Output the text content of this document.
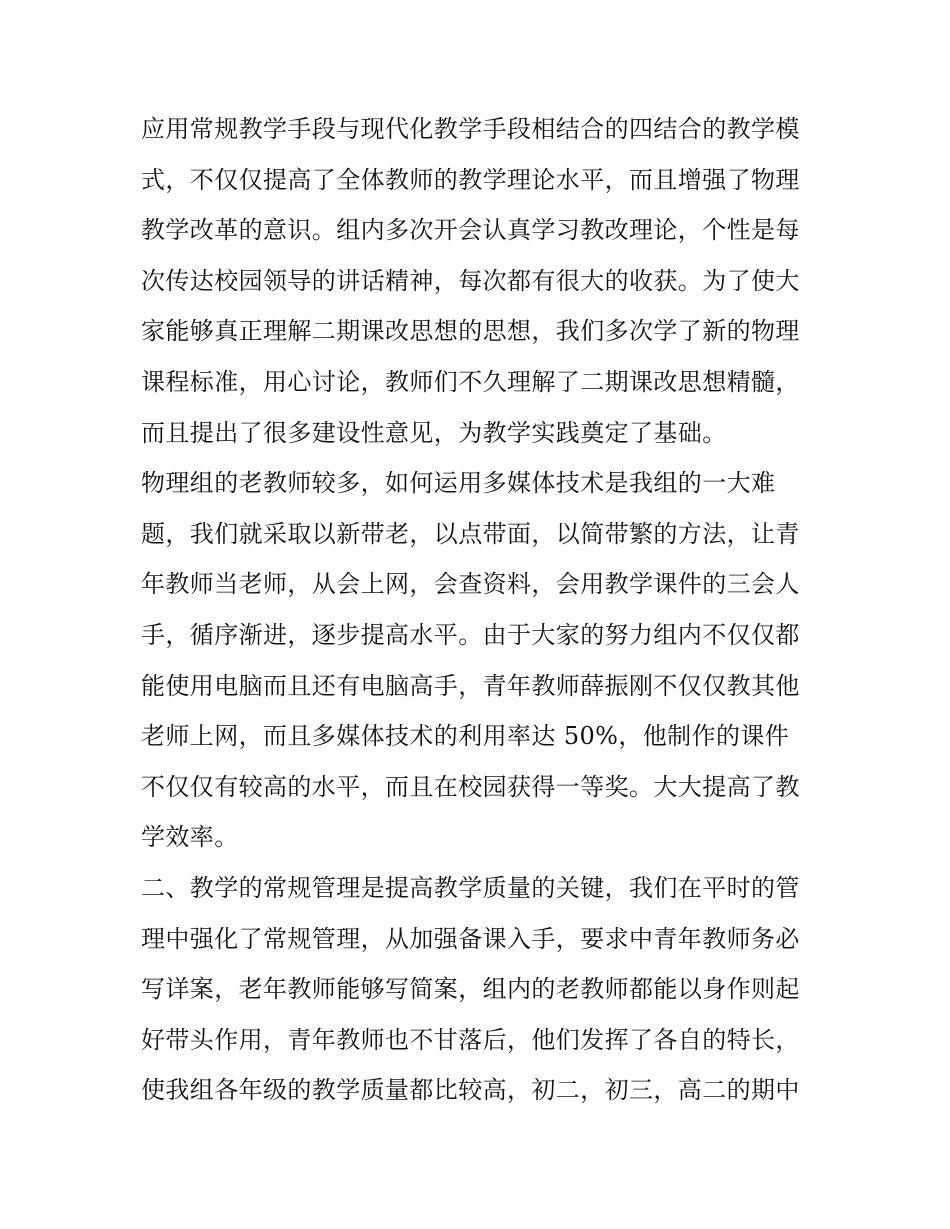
应用常规教学手段与现代化教学手段相结合的四结合的教学模
式，不仅仅提高了全体教师的教学理论水平，而且增强了物理
教学改革的意识。组内多次开会认真学习教改理论，个性是每
次传达校园领导的讲话精神，每次都有很大的收获。为了使大
家能够真正理解二期课改思想的思想，我们多次学了新的物理
课程标准，用心讨论，教师们不久理解了二期课改思想精髓，
而且提出了很多建设性意见，为教学实践奠定了基础。
物理组的老教师较多，如何运用多媒体技术是我组的一大难
题，我们就采取以新带老，以点带面，以简带繁的方法，让青
年教师当老师，从会上网，会查资料，会用教学课件的三会人
手，循序渐进，逐步提高水平。由于大家的努力组内不仅仅都
能使用电脑而且还有电脑高手，青年教师薛振刚不仅仅教其他
老师上网，而且多媒体技术的利用率达 50%，他制作的课件
不仅仅有较高的水平，而且在校园获得一等奖。大大提高了教
学效率。
二、教学的常规管理是提高教学质量的关键，我们在平时的管
理中强化了常规管理，从加强备课入手，要求中青年教师务必
写详案，老年教师能够写简案，组内的老教师都能以身作则起
好带头作用，青年教师也不甘落后，他们发挥了各自的特长，
使我组各年级的教学质量都比较高，初二，初三，高二的期中
